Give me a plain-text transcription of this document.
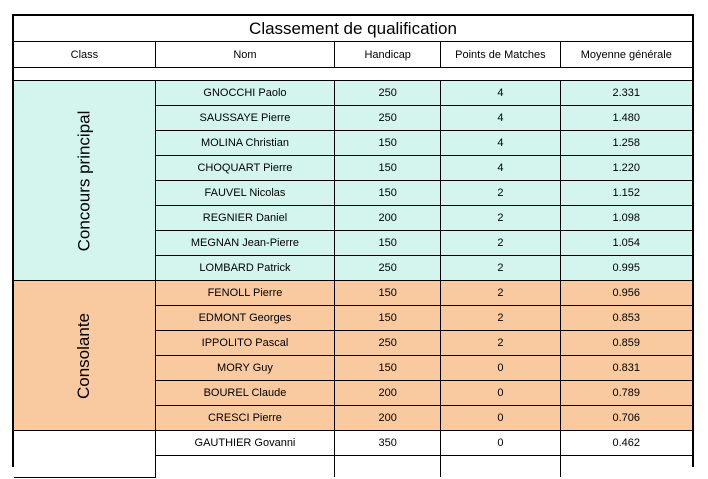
Classement de qualification
Class	Nom	Handicap	Points de Matches	Moyenne générale

Concours principal	GNOCCHI Paolo	250	4	2.331
	SAUSSAYE Pierre	250	4	1.480
	MOLINA Christian	150	4	1.258
	CHOQUART Pierre	150	4	1.220
	FAUVEL Nicolas	150	2	1.152
	REGNIER Daniel	200	2	1.098
	MEGNAN Jean-Pierre	150	2	1.054
	LOMBARD Patrick	250	2	0.995
Consolante	FENOLL Pierre	150	2	0.956
	EDMONT Georges	150	2	0.853
	IPPOLITO Pascal	250	2	0.859
	MORY Guy	150	0	0.831
	BOUREL Claude	200	0	0.789
	CRESCI Pierre	200	0	0.706
	GAUTHIER Govanni	350	0	0.462
